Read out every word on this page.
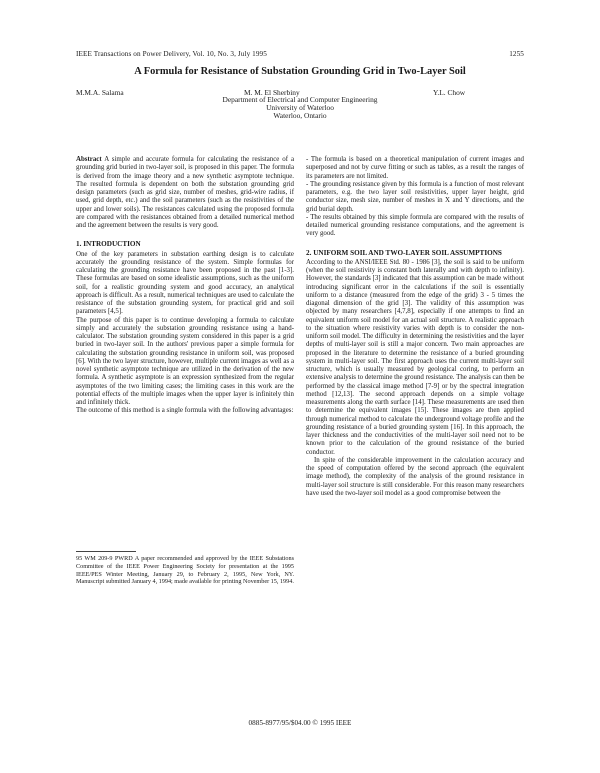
IEEE Transactions on Power Delivery, Vol. 10, No. 3, July 1995	1255
A Formula for Resistance of Substation Grounding Grid in Two-Layer Soil
M.M.A. Salama	M. M. El Sherbiny	Y.L. Chow
Department of Electrical and Computer Engineering
University of Waterloo
Waterloo, Ontario

Abstract A simple and accurate formula for calculating the resistance of a grounding grid buried in two-layer soil, is proposed in this paper. The formula is derived from the image theory and a new synthetic asymptote technique. The resulted formula is dependent on both the substation grounding grid design parameters (such as grid size, number of meshes, grid-wire radius, if used, grid depth, etc.) and the soil parameters (such as the resistivities of the upper and lower soils). The resistances calculated using the proposed formula are compared with the resistances obtained from a detailed numerical method and the agreement between the results is very good.

1. INTRODUCTION

One of the key parameters in substation earthing design is to calculate accurately the grounding resistance of the system. Simple formulas for calculating the grounding resistance have been proposed in the past [1-3]. These formulas are based on some idealistic assumptions, such as the uniform soil, for a realistic grounding system and good accuracy, an analytical approach is difficult. As a result, numerical techniques are used to calculate the resistance of the substation grounding system, for practical grid and soil parameters [4,5].

The purpose of this paper is to continue developing a formula to calculate simply and accurately the substation grounding resistance using a hand-calculator. The substation grounding system considered in this paper is a grid buried in two-layer soil. In the authors' previous paper a simple formula for calculating the substation grounding resistance in uniform soil, was proposed [6]. With the two layer structure, however, multiple current images as well as a novel synthetic asymptote technique are utilized in the derivation of the new formula. A synthetic asymptote is an expression synthesized from the regular asymptotes of the two limiting cases; the limiting cases in this work are the potential effects of the multiple images when the upper layer is infinitely thin and infinitely thick.

The outcome of this method is a single formula with the following advantages:

95 WM 209-9 PWRD A paper recommended and approved by the IEEE Substations Committee of the IEEE Power Engineering Society for presentation at the 1995 IEEE/PES Winter Meeting, January 29, to February 2, 1995, New York, NY. Manuscript submitted January 4, 1994; made available for printing November 15, 1994.

- The formula is based on a theoretical manipulation of current images and superposed and not by curve fitting or such as tables, as a result the ranges of its parameters are not limited.

- The grounding resistance given by this formula is a function of most relevant parameters, e.g. the two layer soil resistivities, upper layer height, grid conductor size, mesh size, number of meshes in X and Y directions, and the grid burial depth.

- The results obtained by this simple formula are compared with the results of detailed numerical grounding resistance computations, and the agreement is very good.

2. UNIFORM SOIL AND TWO-LAYER SOIL ASSUMPTIONS

According to the ANSI/IEEE Std. 80 - 1986 [3], the soil is said to be uniform (when the soil resistivity is constant both laterally and with depth to infinity). However, the standards [3] indicated that this assumption can be made without introducing significant error in the calculations if the soil is essentially uniform to a distance (measured from the edge of the grid) 3 - 5 times the diagonal dimension of the grid [3]. The validity of this assumption was objected by many researchers [4,7,8], especially if one attempts to find an equivalent uniform soil model for an actual soil structure. A realistic approach to the situation where resistivity varies with depth is to consider the non-uniform soil model. The difficulty in determining the resistivities and the layer depths of multi-layer soil is still a major concern. Two main approaches are proposed in the literature to determine the resistance of a buried grounding system in multi-layer soil. The first approach uses the current multi-layer soil structure, which is usually measured by geological coring, to perform an extensive analysis to determine the ground resistance. The analysis can then be performed by the classical image method [7-9] or by the spectral integration method [12,13]. The second approach depends on a simple voltage measurements along the earth surface [14]. These measurements are used then to determine the equivalent images [15]. These images are then applied through numerical method to calculate the underground voltage profile and the grounding resistance of a buried grounding system [16]. In this approach, the layer thickness and the conductivities of the multi-layer soil need not to be known prior to the calculation of the ground resistance of the buried conductor.

In spite of the considerable improvement in the calculation accuracy and the speed of computation offered by the second approach (the equivalent image method), the complexity of the analysis of the ground resistance in multi-layer soil structure is still considerable. For this reason many researchers have used the two-layer soil model as a good compromise between the

0885-8977/95/$04.00 © 1995 IEEE
